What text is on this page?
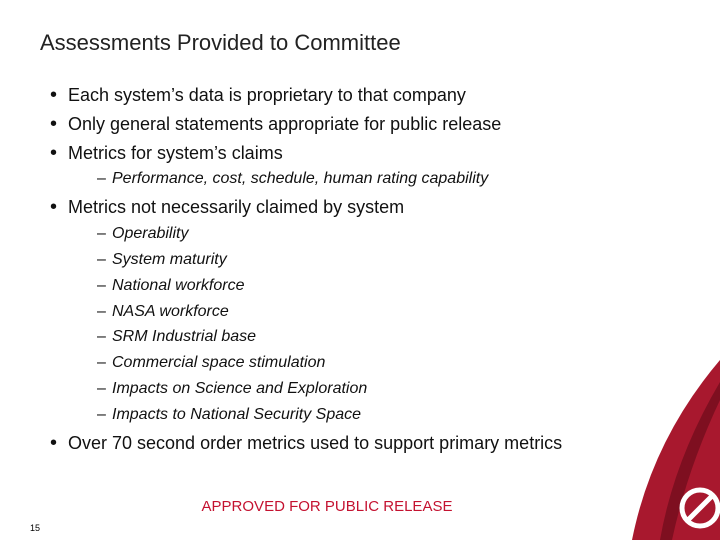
Assessments Provided to Committee
• Each system’s data is proprietary to that company
• Only general statements appropriate for public release
• Metrics for system’s claims
– Performance, cost, schedule, human rating capability
• Metrics not necessarily claimed by system
– Operability
– System maturity
– National workforce
– NASA workforce
– SRM Industrial base
– Commercial space stimulation
– Impacts on Science and Exploration
– Impacts to National Security Space
• Over 70 second order metrics used to support primary metrics
APPROVED FOR PUBLIC RELEASE
15
